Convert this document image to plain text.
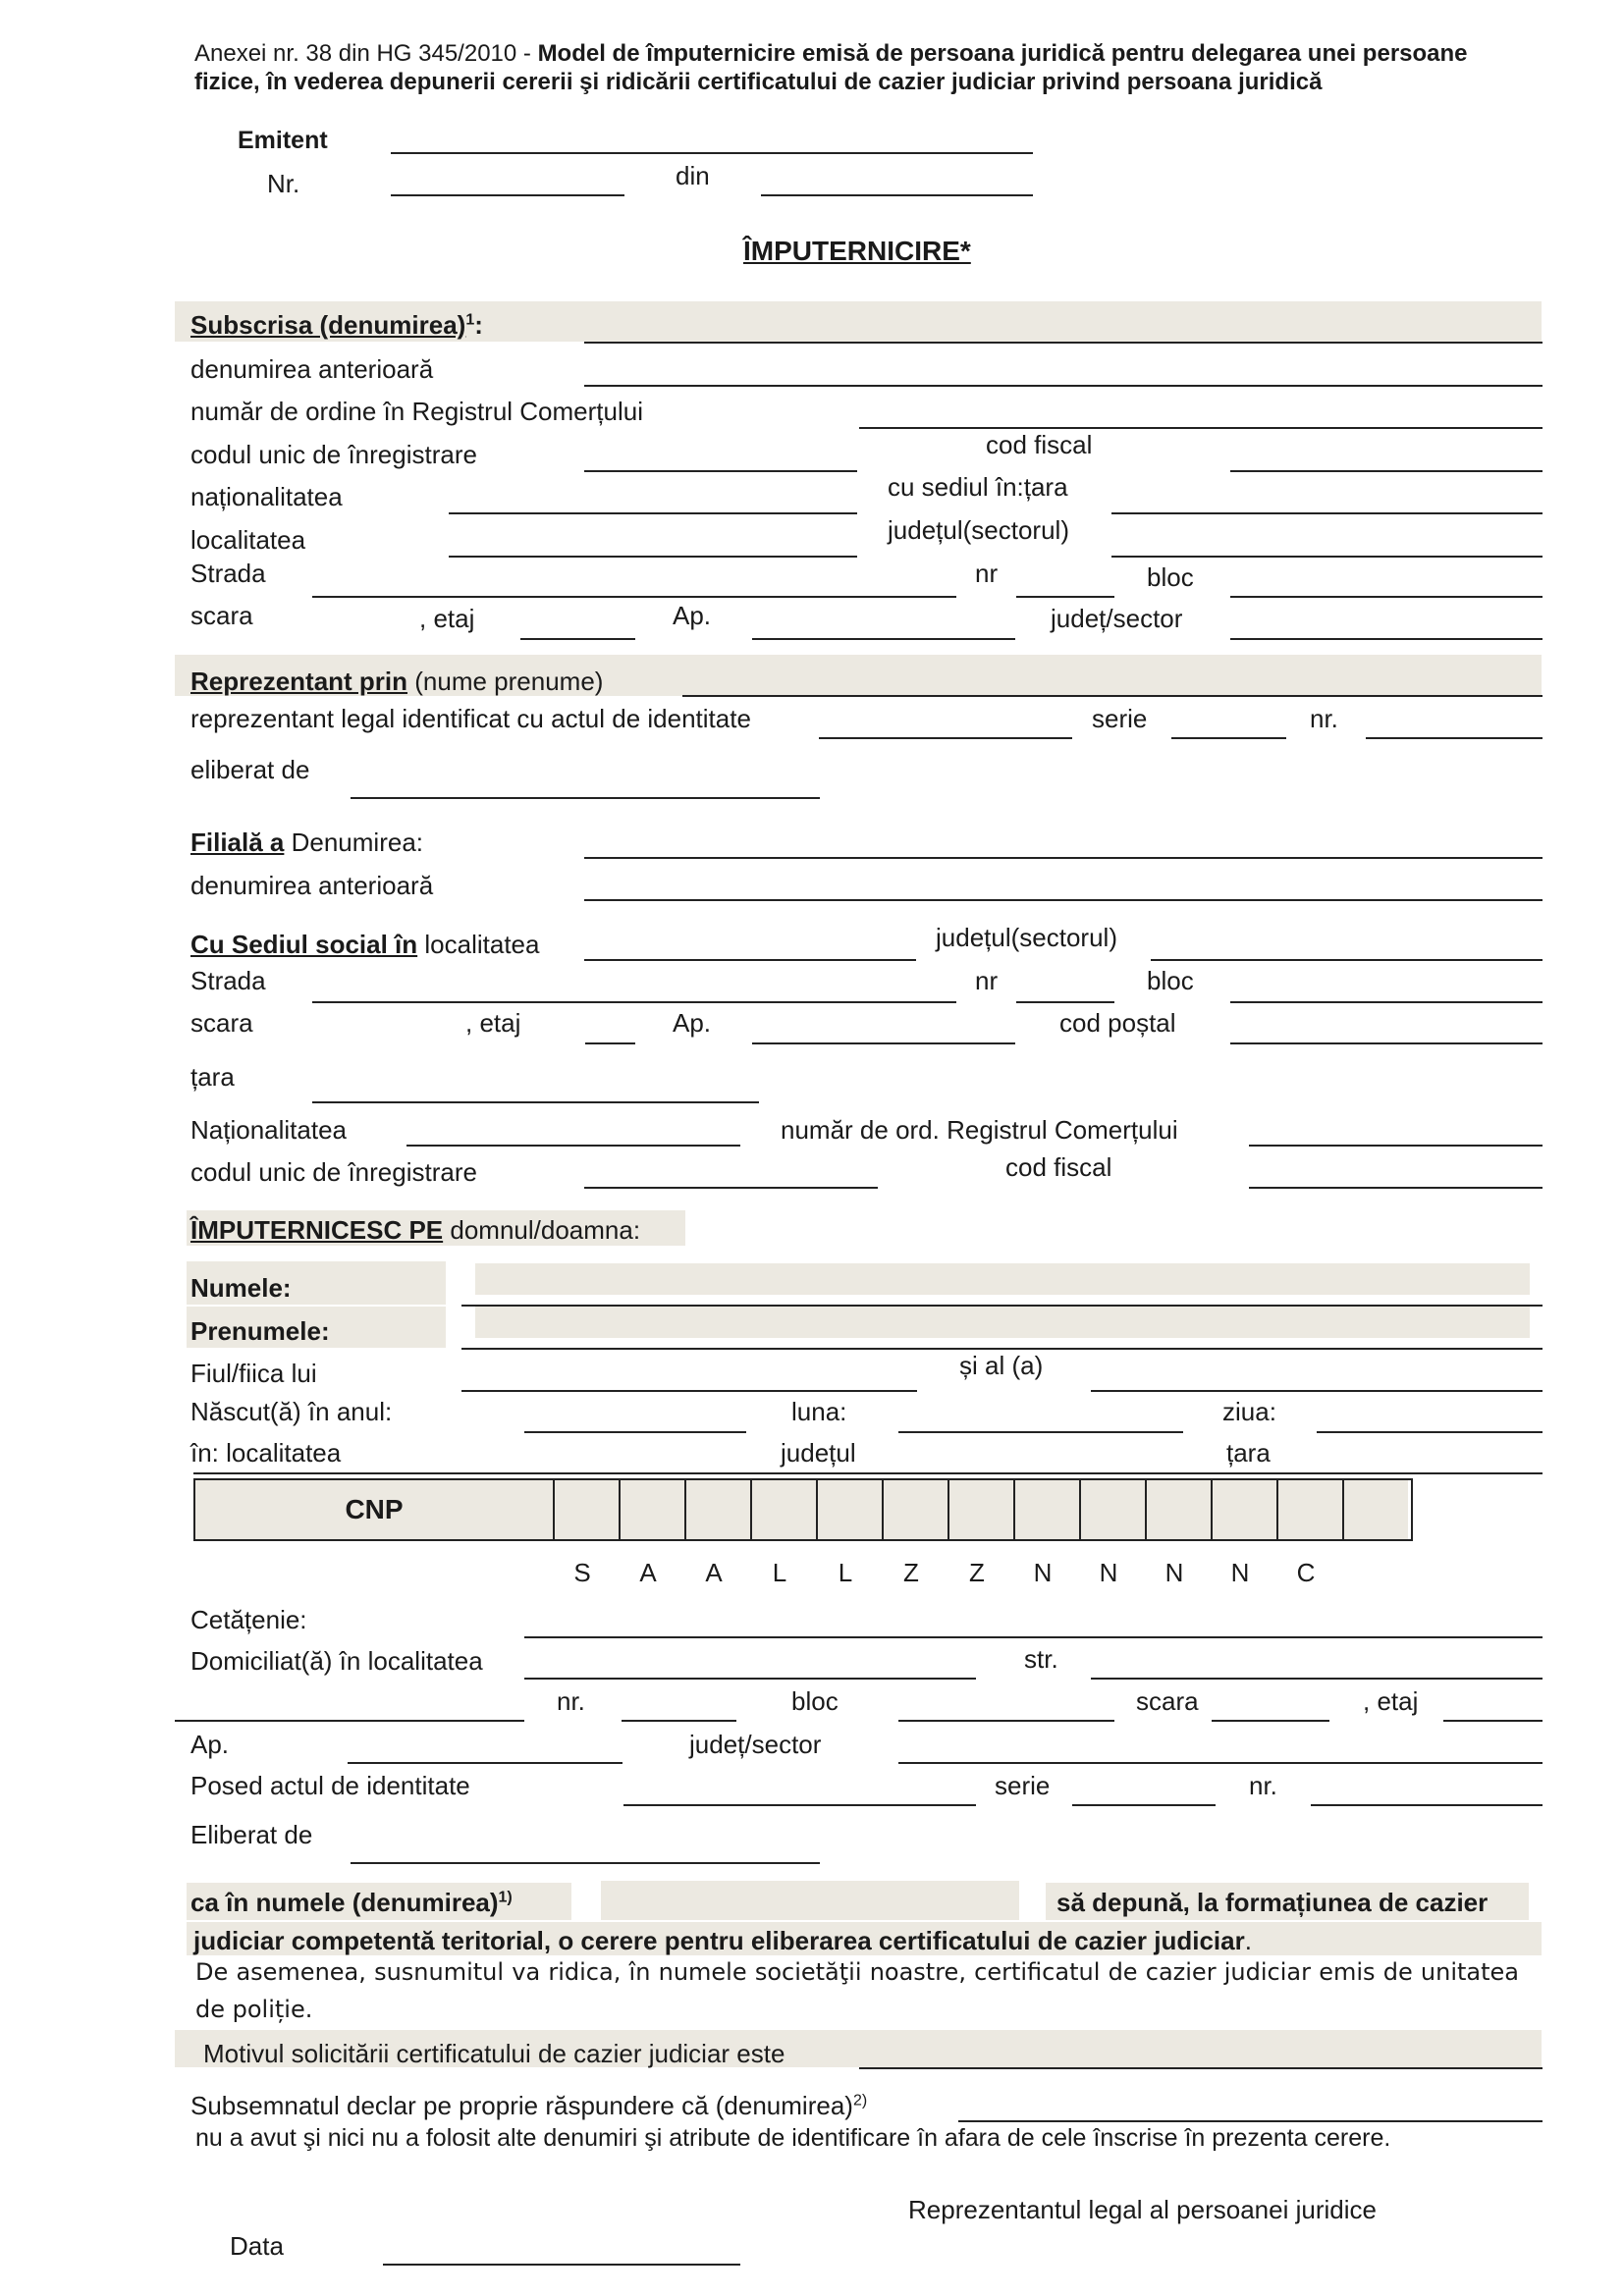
Anexei nr. 38 din HG 345/2010 - Model de împuternicire emisă de persoana juridică pentru delegarea unei persoane
fizice, în vederea depunerii cererii şi ridicării certificatului de cazier judiciar privind persoana juridică
Emitent
Nr.	din
ÎMPUTERNICIRE*
Subscrisa (denumirea)$^1$:
denumirea anterioară
număr de ordine în Registrul Comerțului
codul unic de înregistrare	cod fiscal
naționalitatea	cu sediul în:țara
localitatea	județul(sectorul)
Strada	nr	bloc
scara	, etaj	Ap.	județ/sector
Reprezentant prin (nume prenume)
reprezentant legal identificat cu actul de identitate	serie	nr.
eliberat de
Filială a Denumirea:
denumirea anterioară
Cu Sediul social în localitatea	județul(sectorul)
Strada	nr	bloc
scara	, etaj	Ap.	cod poștal
țara
Naționalitatea	număr de ord. Registrul Comerțului
codul unic de înregistrare	cod fiscal
ÎMPUTERNICESC PE domnul/doamna:
Numele:
Prenumele:
Fiul/fiica lui	și al (a)
Născut(ă) în anul:	luna:	ziua:
în: localitatea	județul	țara
CNP
S	A	A	L	L	Z	Z	N	N	N	N	C
Cetățenie:
Domiciliat(ă) în localitatea	str.
nr.	bloc	scara	, etaj
Ap.	județ/sector
Posed actul de identitate	serie	nr.
Eliberat de
ca în numele (denumirea)$^{1)}$	să depună, la formațiunea de cazier
judiciar competentă teritorial, o cerere pentru eliberarea certificatului de cazier judiciar.
De asemenea, susnumitul va ridica, în numele societăţii noastre, certificatul de cazier judiciar emis de unitatea de poliție.
Motivul solicitării certificatului de cazier judiciar este
Subsemnatul declar pe proprie răspundere că (denumirea)$^{2)}$
nu a avut şi nici nu a folosit alte denumiri şi atribute de identificare în afara de cele înscrise în prezenta cerere.
Reprezentantul legal al persoanei juridice
Data
